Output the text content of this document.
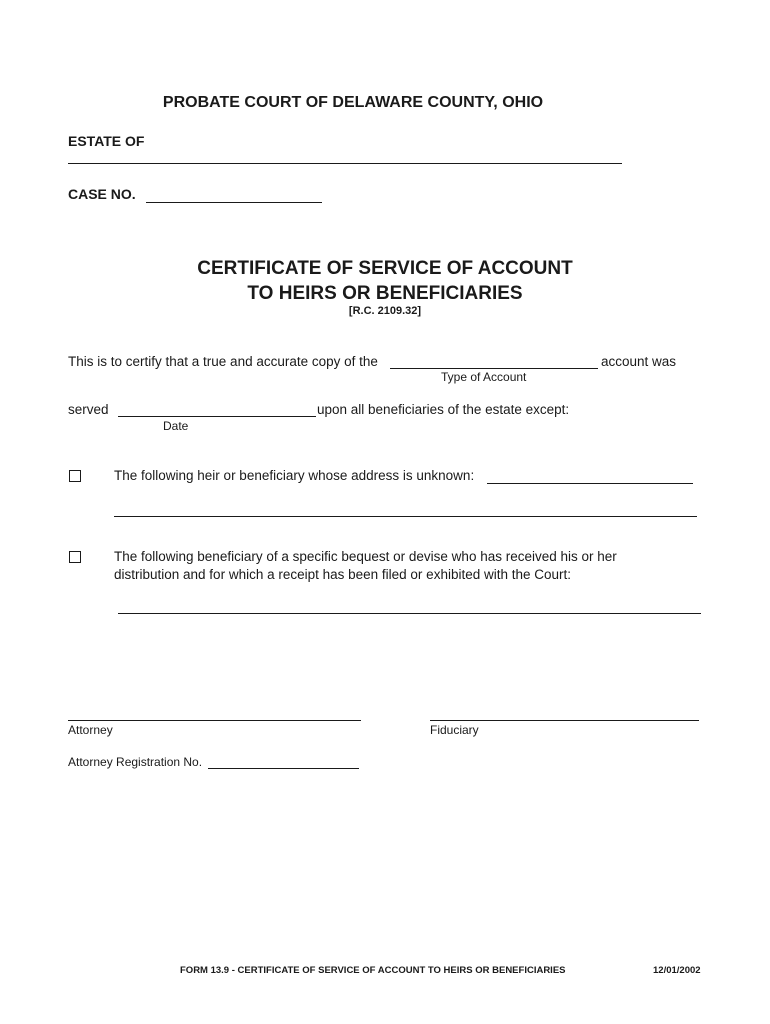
PROBATE COURT OF DELAWARE COUNTY, OHIO
ESTATE OF
CASE NO.
CERTIFICATE OF SERVICE OF ACCOUNT
TO HEIRS OR BENEFICIARIES
[R.C. 2109.32]
This is to certify that a true and accurate copy of the	account was
Type of Account
served	upon all beneficiaries of the estate except:
Date
The following heir or beneficiary whose address is unknown:
The following beneficiary of a specific bequest or devise who has received his or her
distribution and for which a receipt has been filed or exhibited with the Court:
Attorney	Fiduciary
Attorney Registration No.
FORM 13.9 - CERTIFICATE OF SERVICE OF ACCOUNT TO HEIRS OR BENEFICIARIES	12/01/2002
